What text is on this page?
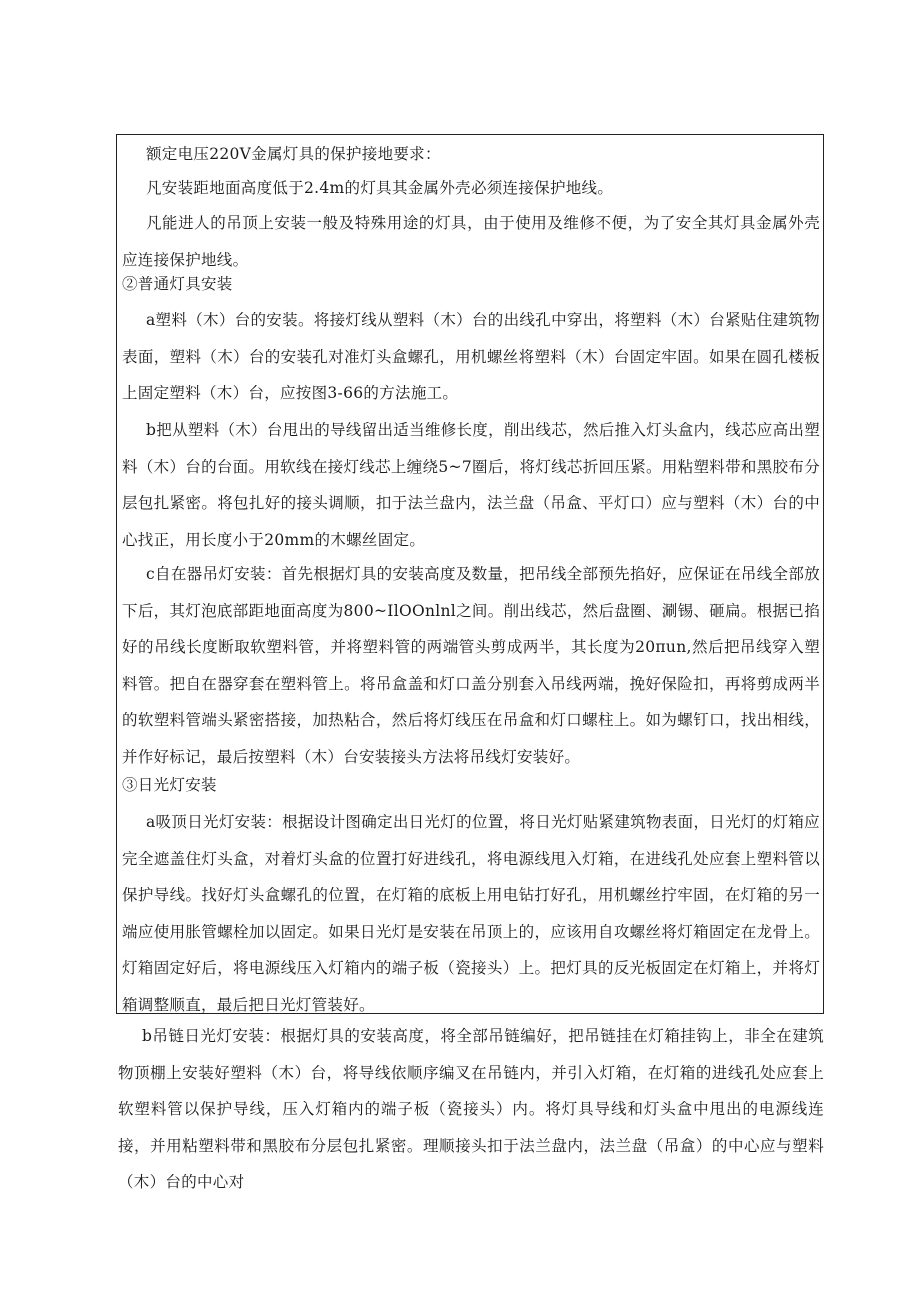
额定电压220V金属灯具的保护接地要求：

凡安装距地面高度低于2.4m的灯具其金属外壳必须连接保护地线。

凡能进人的吊顶上安装一般及特殊用途的灯具，由于使用及维修不便，为了安全其灯具金属外壳应连接保护地线。

②普通灯具安装

a塑料（木）台的安装。将接灯线从塑料（木）台的出线孔中穿出，将塑料（木）台紧贴住建筑物表面，塑料（木）台的安装孔对准灯头盒螺孔，用机螺丝将塑料（木）台固定牢固。如果在圆孔楼板上固定塑料（木）台，应按图3-66的方法施工。

b把从塑料（木）台甩出的导线留出适当维修长度，削出线芯，然后推入灯头盒内，线芯应高出塑料（木）台的台面。用软线在接灯线芯上缠绕5~7圈后，将灯线芯折回压紧。用粘塑料带和黑胶布分层包扎紧密。将包扎好的接头调顺，扣于法兰盘内，法兰盘（吊盒、平灯口）应与塑料（木）台的中心找正，用长度小于20mm的木螺丝固定。

c自在器吊灯安装：首先根据灯具的安装高度及数量，把吊线全部预先掐好，应保证在吊线全部放下后，其灯泡底部距地面高度为800~IlOOnlnl之间。削出线芯，然后盘圈、涮锡、砸扁。根据已掐好的吊线长度断取软塑料管，并将塑料管的两端管头剪成两半，其长度为20πun,然后把吊线穿入塑料管。把自在器穿套在塑料管上。将吊盒盖和灯口盖分别套入吊线两端，挽好保险扣，再将剪成两半的软塑料管端头紧密搭接，加热粘合，然后将灯线压在吊盒和灯口螺柱上。如为螺钉口，找出相线，并作好标记，最后按塑料（木）台安装接头方法将吊线灯安装好。

③日光灯安装

a吸顶日光灯安装：根据设计图确定出日光灯的位置，将日光灯贴紧建筑物表面，日光灯的灯箱应完全遮盖住灯头盒，对着灯头盒的位置打好进线孔，将电源线甩入灯箱，在进线孔处应套上塑料管以保护导线。找好灯头盒螺孔的位置，在灯箱的底板上用电钻打好孔，用机螺丝拧牢固，在灯箱的另一端应使用胀管螺栓加以固定。如果日光灯是安装在吊顶上的，应该用自攻螺丝将灯箱固定在龙骨上。灯箱固定好后，将电源线压入灯箱内的端子板（瓷接头）上。把灯具的反光板固定在灯箱上，并将灯箱调整顺直，最后把日光灯管装好。

b吊链日光灯安装：根据灯具的安装高度，将全部吊链编好，把吊链挂在灯箱挂钩上，非全在建筑物顶棚上安装好塑料（木）台，将导线依顺序编叉在吊链内，并引入灯箱，在灯箱的进线孔处应套上软塑料管以保护导线，压入灯箱内的端子板（瓷接头）内。将灯具导线和灯头盒中甩出的电源线连接，并用粘塑料带和黑胶布分层包扎紧密。理顺接头扣于法兰盘内，法兰盘（吊盒）的中心应与塑料（木）台的中心对
